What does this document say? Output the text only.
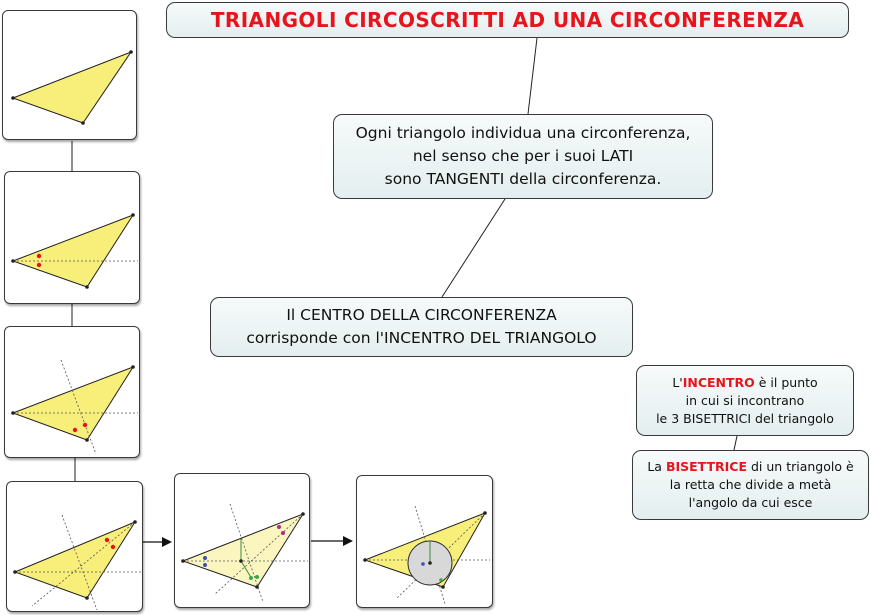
TRIANGOLI CIRCOSCRITTI AD UNA CIRCONFERENZA
Ogni triangolo individua una circonferenza,
nel senso che per i suoi LATI
sono TANGENTI della circonferenza.
Il CENTRO DELLA CIRCONFERENZA
corrisponde con l'INCENTRO DEL TRIANGOLO
L'INCENTRO è il punto
in cui si incontrano
le 3 BISETTRICI del triangolo
La BISETTRICE di un triangolo è
la retta che divide a metà
l'angolo da cui esce
